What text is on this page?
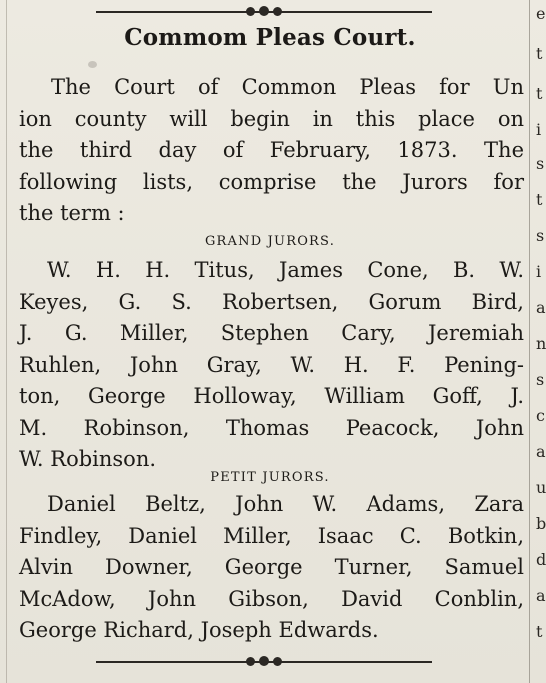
Commom Pleas Court.
The Court of Common Pleas for Un
ion county will begin in this place on
the third day of February, 1873. The
following lists, comprise the Jurors for
the term :
GRAND JURORS.
W. H. H. Titus, James Cone, B. W.
Keyes, G. S. Robertsen, Gorum Bird,
J. G. Miller, Stephen Cary, Jeremiah
Ruhlen, John Gray, W. H. F. Pening-
ton, George Holloway, William Goff, J.
M. Robinson, Thomas Peacock, John
W. Robinson.
PETIT JURORS.
Daniel Beltz, John W. Adams, Zara
Findley, Daniel Miller, Isaac C. Botkin,
Alvin Downer, George Turner, Samuel
McAdow, John Gibson, David Conblin,
George Richard, Joseph Edwards.
e
t
t
i
s
t
s
i
a
n
s
c
a
u
b
d
a
t
